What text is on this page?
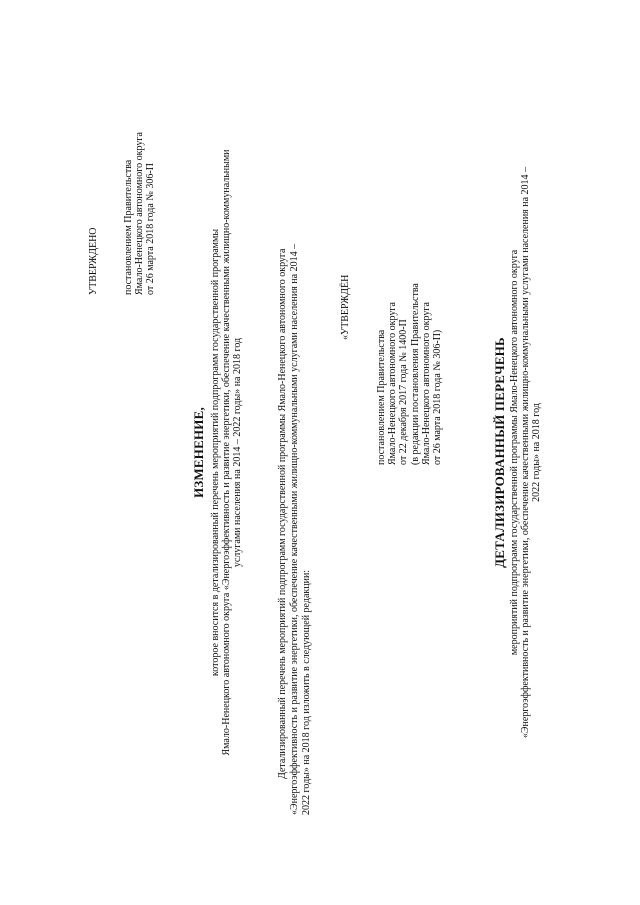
УТВЕРЖДЕНО постановлением Правительства Ямало-Ненецкого автономного округа от 26 марта 2018 года № 306-П
ИЗМЕНЕНИЕ, которое вносится в детализированный перечень мероприятий подпрограмм государственной программы Ямало-Ненецкого автономного округа «Энергоэффективность и развитие энергетики, обеспечение качественными жилищно-коммунальными услугами населения на 2014 – 2022 годы» на 2018 год	Детализированный перечень мероприятий подпрограмм государственной программы Ямало-Ненецкого автономного округа «Энергоэффективность и развитие энергетики, обеспечение качественными жилищно-коммунальными услугами населения на 2014 – 2022 годы» на 2018 год изложить в следующей редакции:
«УТВЕРЖДЁН
постановлением Правительства Ямало-Ненецкого автономного округа от 22 декабря 2017 года № 1400-П (в редакции постановления Правительства Ямало-Ненецкого автономного округа от 26 марта 2018 года № 306-П)	ДЕТАЛИЗИРОВАННЫЙ ПЕРЕЧЕНЬ мероприятий подпрограмм государственной программы Ямало-Ненецкого автономного округа «Энергоэффективность и развитие энергетики, обеспечение качественными жилищно-коммунальными услугами населения на 2014 – 2022 годы» на 2018 год
